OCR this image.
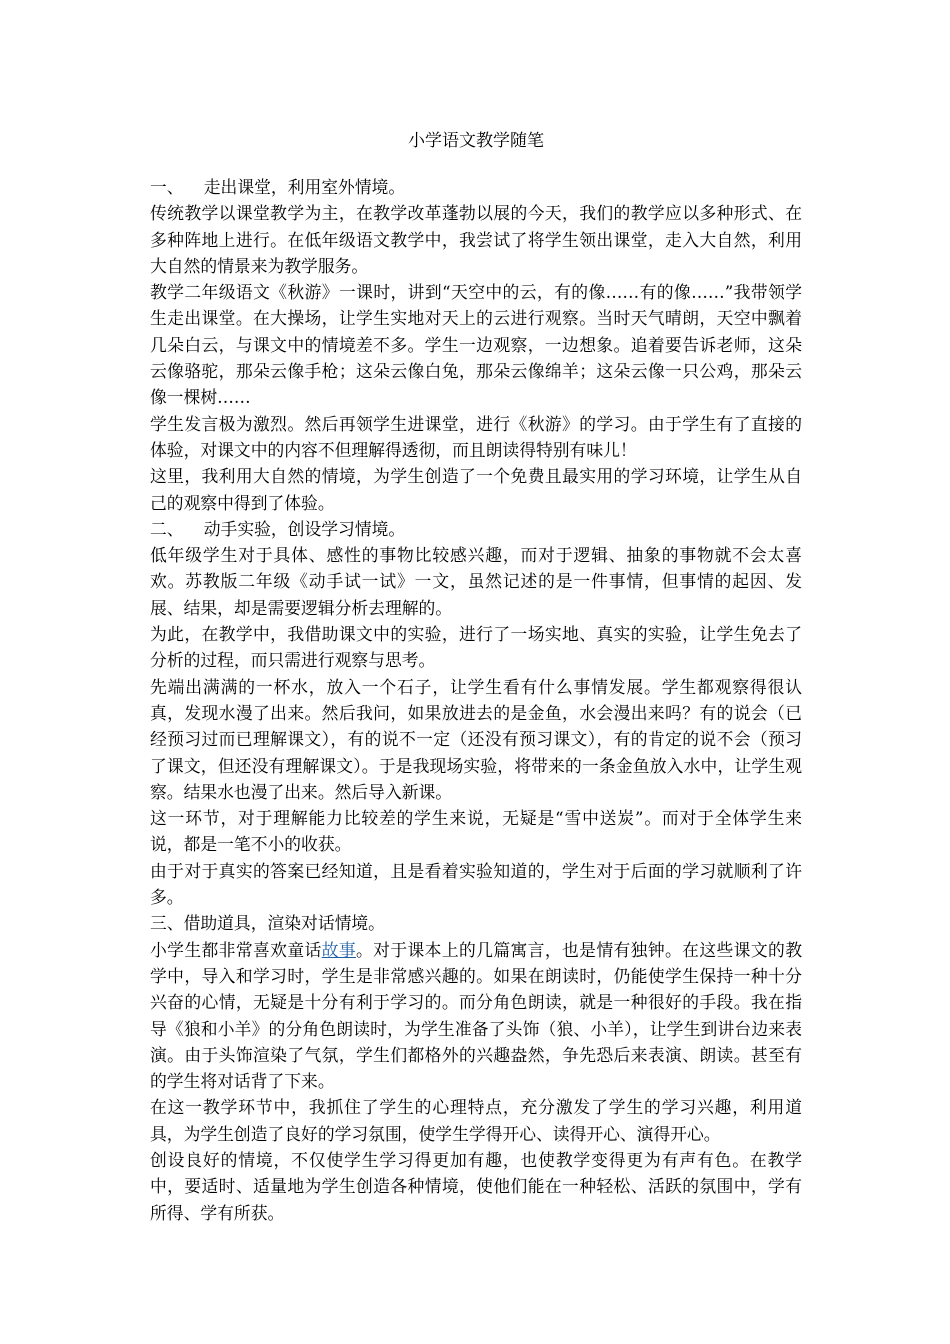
小学语文教学随笔

一、 走出课堂，利用室外情境。

传统教学以课堂教学为主，在教学改革蓬勃以展的今天，我们的教学应以多种形式、在多种阵地上进行。在低年级语文教学中，我尝试了将学生领出课堂，走入大自然，利用大自然的情景来为教学服务。

教学二年级语文《秋游》一课时，讲到“天空中的云，有的像……有的像……”我带领学生走出课堂。在大操场，让学生实地对天上的云进行观察。当时天气晴朗，天空中飘着几朵白云，与课文中的情境差不多。学生一边观察，一边想象。追着要告诉老师，这朵云像骆驼，那朵云像手枪；这朵云像白兔，那朵云像绵羊；这朵云像一只公鸡，那朵云像一棵树……

学生发言极为激烈。然后再领学生进课堂，进行《秋游》的学习。由于学生有了直接的体验，对课文中的内容不但理解得透彻，而且朗读得特别有味儿！

这里，我利用大自然的情境，为学生创造了一个免费且最实用的学习环境，让学生从自己的观察中得到了体验。

二、 动手实验，创设学习情境。

低年级学生对于具体、感性的事物比较感兴趣，而对于逻辑、抽象的事物就不会太喜欢。苏教版二年级《动手试一试》一文，虽然记述的是一件事情，但事情的起因、发展、结果，却是需要逻辑分析去理解的。

为此，在教学中，我借助课文中的实验，进行了一场实地、真实的实验，让学生免去了分析的过程，而只需进行观察与思考。

先端出满满的一杯水，放入一个石子，让学生看有什么事情发展。学生都观察得很认真，发现水漫了出来。然后我问，如果放进去的是金鱼，水会漫出来吗？有的说会（已经预习过而已理解课文），有的说不一定（还没有预习课文），有的肯定的说不会（预习了课文，但还没有理解课文）。于是我现场实验，将带来的一条金鱼放入水中，让学生观察。结果水也漫了出来。然后导入新课。

这一环节，对于理解能力比较差的学生来说，无疑是“雪中送炭”。而对于全体学生来说，都是一笔不小的收获。

由于对于真实的答案已经知道，且是看着实验知道的，学生对于后面的学习就顺利了许多。

三、借助道具，渲染对话情境。

小学生都非常喜欢童话故事。对于课本上的几篇寓言，也是情有独钟。在这些课文的教学中，导入和学习时，学生是非常感兴趣的。如果在朗读时，仍能使学生保持一种十分兴奋的心情，无疑是十分有利于学习的。而分角色朗读，就是一种很好的手段。我在指导《狼和小羊》的分角色朗读时，为学生准备了头饰（狼、小羊），让学生到讲台边来表演。由于头饰渲染了气氛，学生们都格外的兴趣盎然，争先恐后来表演、朗读。甚至有的学生将对话背了下来。

在这一教学环节中，我抓住了学生的心理特点，充分激发了学生的学习兴趣，利用道具，为学生创造了良好的学习氛围，使学生学得开心、读得开心、演得开心。

创设良好的情境，不仅使学生学习得更加有趣，也使教学变得更为有声有色。在教学中，要适时、适量地为学生创造各种情境，使他们能在一种轻松、活跃的氛围中，学有所得、学有所获。
